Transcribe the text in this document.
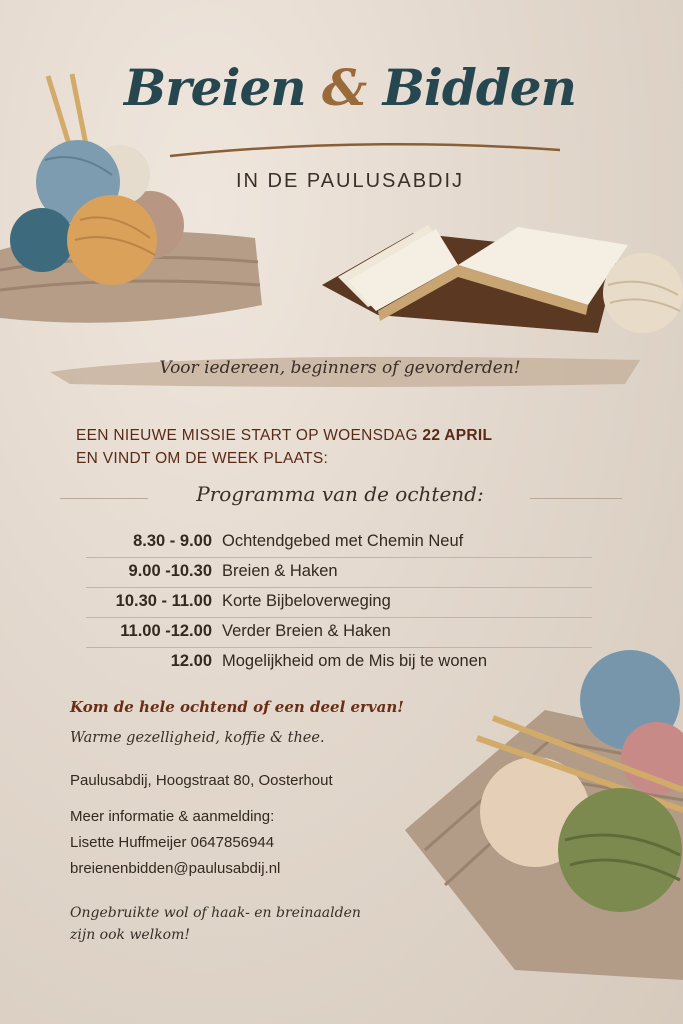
Breien & Bidden
IN DE PAULUSABDIJ
Voor iedereen, beginners of gevorderden!
EEN NIEUWE MISSIE START OP WOENSDAG 22 APRIL
EN VINDT OM DE WEEK PLAATS:
Programma van de ochtend:
8.30 - 9.00 Ochtendgebed met Chemin Neuf
9.00 -10.30 Breien & Haken
10.30 - 11.00 Korte Bijbeloverweging
11.00 -12.00 Verder Breien & Haken
12.00 Mogelijkheid om de Mis bij te wonen
Kom de hele ochtend of een deel ervan!
Warme gezelligheid, koffie & thee.
Paulusabdij, Hoogstraat 80, Oosterhout
Meer informatie & aanmelding:
Lisette Huffmeijer 0647856944
breienenbidden@paulusabdij.nl
Ongebruikte wol of haak- en breinaalden
zijn ook welkom!
